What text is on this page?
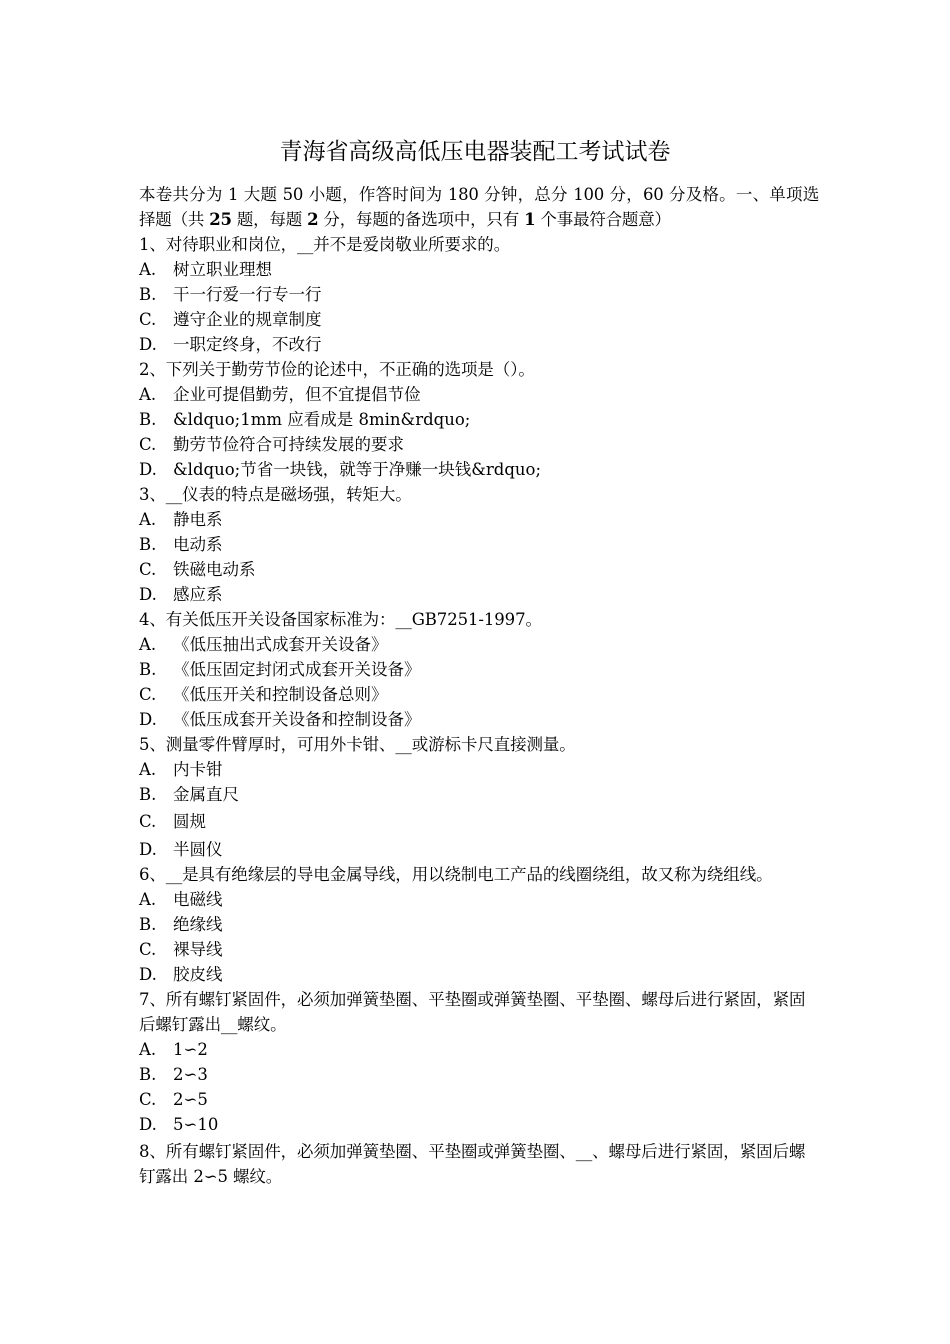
青海省高级高低压电器装配工考试试卷
本卷共分为 1 大题 50 小题，作答时间为 180 分钟，总分 100 分，60 分及格。一、单项选择题（共 25 题，每题 2 分，每题的备选项中，只有 1 个事最符合题意）
1、对待职业和岗位，__并不是爱岗敬业所要求的。
A.	树立职业理想
B.	干一行爱一行专一行
C.	遵守企业的规章制度
D. 一职定终身，不改行
2、下列关于勤劳节俭的论述中，不正确的选项是（）。
A.	企业可提倡勤劳，但不宜提倡节俭
B.	&ldquo;1mm 应看成是 8min&rdquo;
C.	勤劳节俭符合可持续发展的要求
D. &ldquo;节省一块钱，就等于净赚一块钱&rdquo;
3、__仪表的特点是磁场强，转矩大。
A.	静电系
B.	电动系
C.	铁磁电动系
D. 感应系
4、有关低压开关设备国家标准为：__GB7251-1997。
A.	《低压抽出式成套开关设备》
B.	《低压固定封闭式成套开关设备》
C.	《低压开关和控制设备总则》
D. 《低压成套开关设备和控制设备》
5、测量零件臂厚时，可用外卡钳、__或游标卡尺直接测量。
A.	内卡钳
B.	金属直尺
C.	圆规
D. 半圆仪
6、__是具有绝缘层的导电金属导线，用以绕制电工产品的线圈绕组，故又称为绕组线。
A.	电磁线
B.	绝缘线
C.	裸导线
D. 胶皮线
7、所有螺钉紧固件，必须加弹簧垫圈、平垫圈或弹簧垫圈、平垫圈、螺母后进行紧固，紧固后螺钉露出__螺纹。
A.	1∽2
B.	2∽3
C.	2∽5
D. 5∽10
8、所有螺钉紧固件，必须加弹簧垫圈、平垫圈或弹簧垫圈、__、螺母后进行紧固，紧固后螺钉露出 2∽5 螺纹。
